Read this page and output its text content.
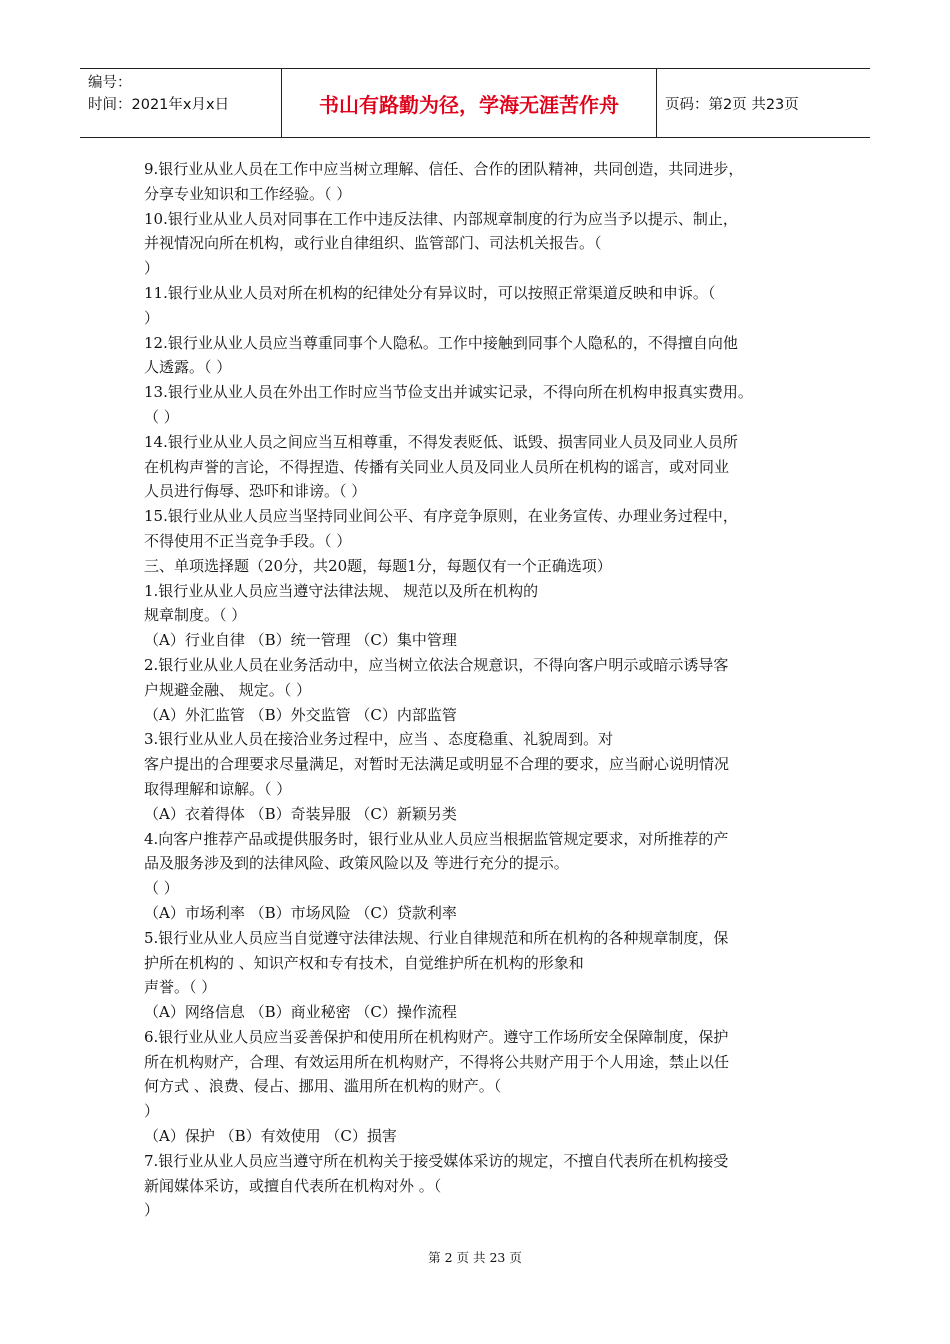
编号：
时间：2021年x月x日	书山有路勤为径，学海无涯苦作舟	页码：第2页 共23页
9.银行业从业人员在工作中应当树立理解、信任、合作的团队精神，共同创造，共同进步，
分享专业知识和工作经验。（ ）
10.银行业从业人员对同事在工作中违反法律、内部规章制度的行为应当予以提示、制止，
并视情况向所在机构，或行业自律组织、监管部门、司法机关报告。（
）
11.银行业从业人员对所在机构的纪律处分有异议时，可以按照正常渠道反映和申诉。（
）
12.银行业从业人员应当尊重同事个人隐私。工作中接触到同事个人隐私的，不得擅自向他
人透露。（ ）
13.银行业从业人员在外出工作时应当节俭支出并诚实记录，不得向所在机构申报真实费用。
（ ）
14.银行业从业人员之间应当互相尊重，不得发表贬低、诋毁、损害同业人员及同业人员所
在机构声誉的言论，不得捏造、传播有关同业人员及同业人员所在机构的谣言，或对同业
人员进行侮辱、恐吓和诽谤。（ ）
15.银行业从业人员应当坚持同业间公平、有序竞争原则，在业务宣传、办理业务过程中，
不得使用不正当竞争手段。（ ）
三、单项选择题（20分，共20题，每题1分，每题仅有一个正确选项）
1.银行业从业人员应当遵守法律法规、 规范以及所在机构的
规章制度。（ ）
（A）行业自律 （B）统一管理 （C）集中管理
2.银行业从业人员在业务活动中，应当树立依法合规意识，不得向客户明示或暗示诱导客
户规避金融、 规定。（ ）
（A）外汇监管 （B）外交监管 （C）内部监管
3.银行业从业人员在接洽业务过程中，应当 、态度稳重、礼貌周到。对
客户提出的合理要求尽量满足，对暂时无法满足或明显不合理的要求，应当耐心说明情况
取得理解和谅解。（ ）
（A）衣着得体 （B）奇装异服 （C）新颖另类
4.向客户推荐产品或提供服务时，银行业从业人员应当根据监管规定要求，对所推荐的产
品及服务涉及到的法律风险、政策风险以及 等进行充分的提示。
（ ）
（A）市场利率 （B）市场风险 （C）贷款利率
5.银行业从业人员应当自觉遵守法律法规、行业自律规范和所在机构的各种规章制度，保
护所在机构的 、知识产权和专有技术，自觉维护所在机构的形象和
声誉。（ ）
（A）网络信息 （B）商业秘密 （C）操作流程
6.银行业从业人员应当妥善保护和使用所在机构财产。遵守工作场所安全保障制度，保护
所在机构财产，合理、有效运用所在机构财产，不得将公共财产用于个人用途，禁止以任
何方式 、浪费、侵占、挪用、滥用所在机构的财产。（
）
（A）保护 （B）有效使用 （C）损害
7.银行业从业人员应当遵守所在机构关于接受媒体采访的规定，不擅自代表所在机构接受
新闻媒体采访，或擅自代表所在机构对外 。（
）
第 2 页 共 23 页
